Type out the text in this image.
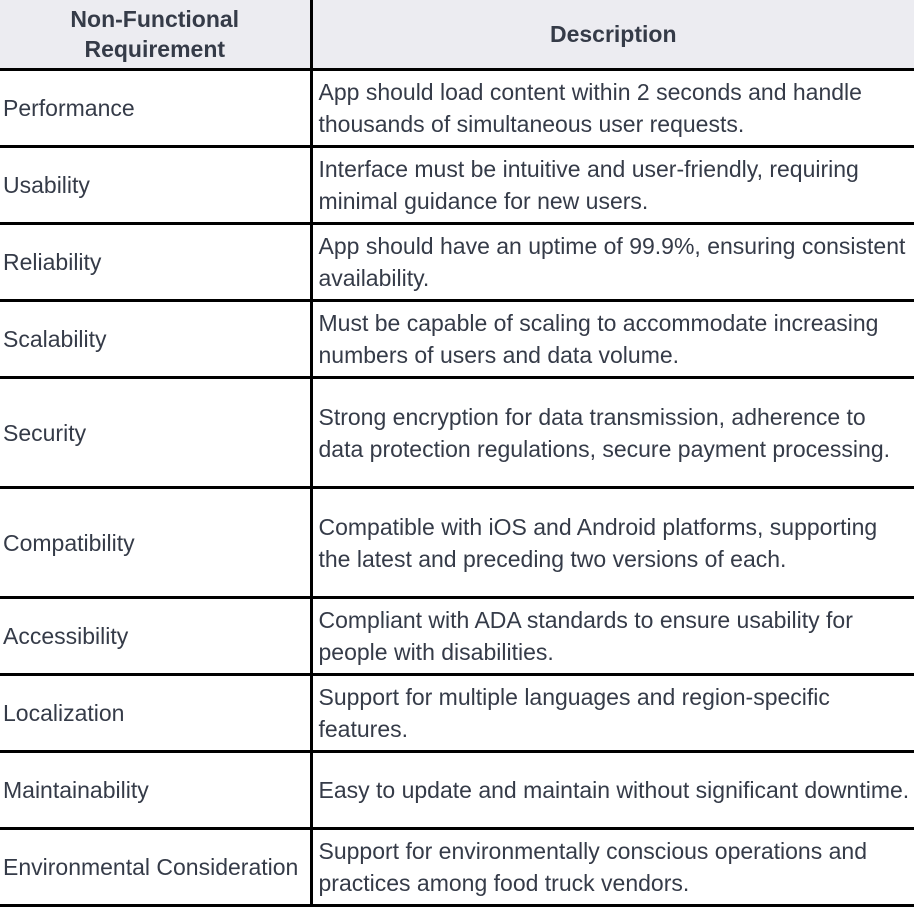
Non-Functional Requirement	Description
Performance	App should load content within 2 seconds and handle thousands of simultaneous user requests.
Usability	Interface must be intuitive and user-friendly, requiring minimal guidance for new users.
Reliability	App should have an uptime of 99.9%, ensuring consistent availability.
Scalability	Must be capable of scaling to accommodate increasing numbers of users and data volume.
Security	Strong encryption for data transmission, adherence to data protection regulations, secure payment processing.
Compatibility	Compatible with iOS and Android platforms, supporting the latest and preceding two versions of each.
Accessibility	Compliant with ADA standards to ensure usability for people with disabilities.
Localization	Support for multiple languages and region-specific features.
Maintainability	Easy to update and maintain without significant downtime.
Environmental Consideration	Support for environmentally conscious operations and practices among food truck vendors.
